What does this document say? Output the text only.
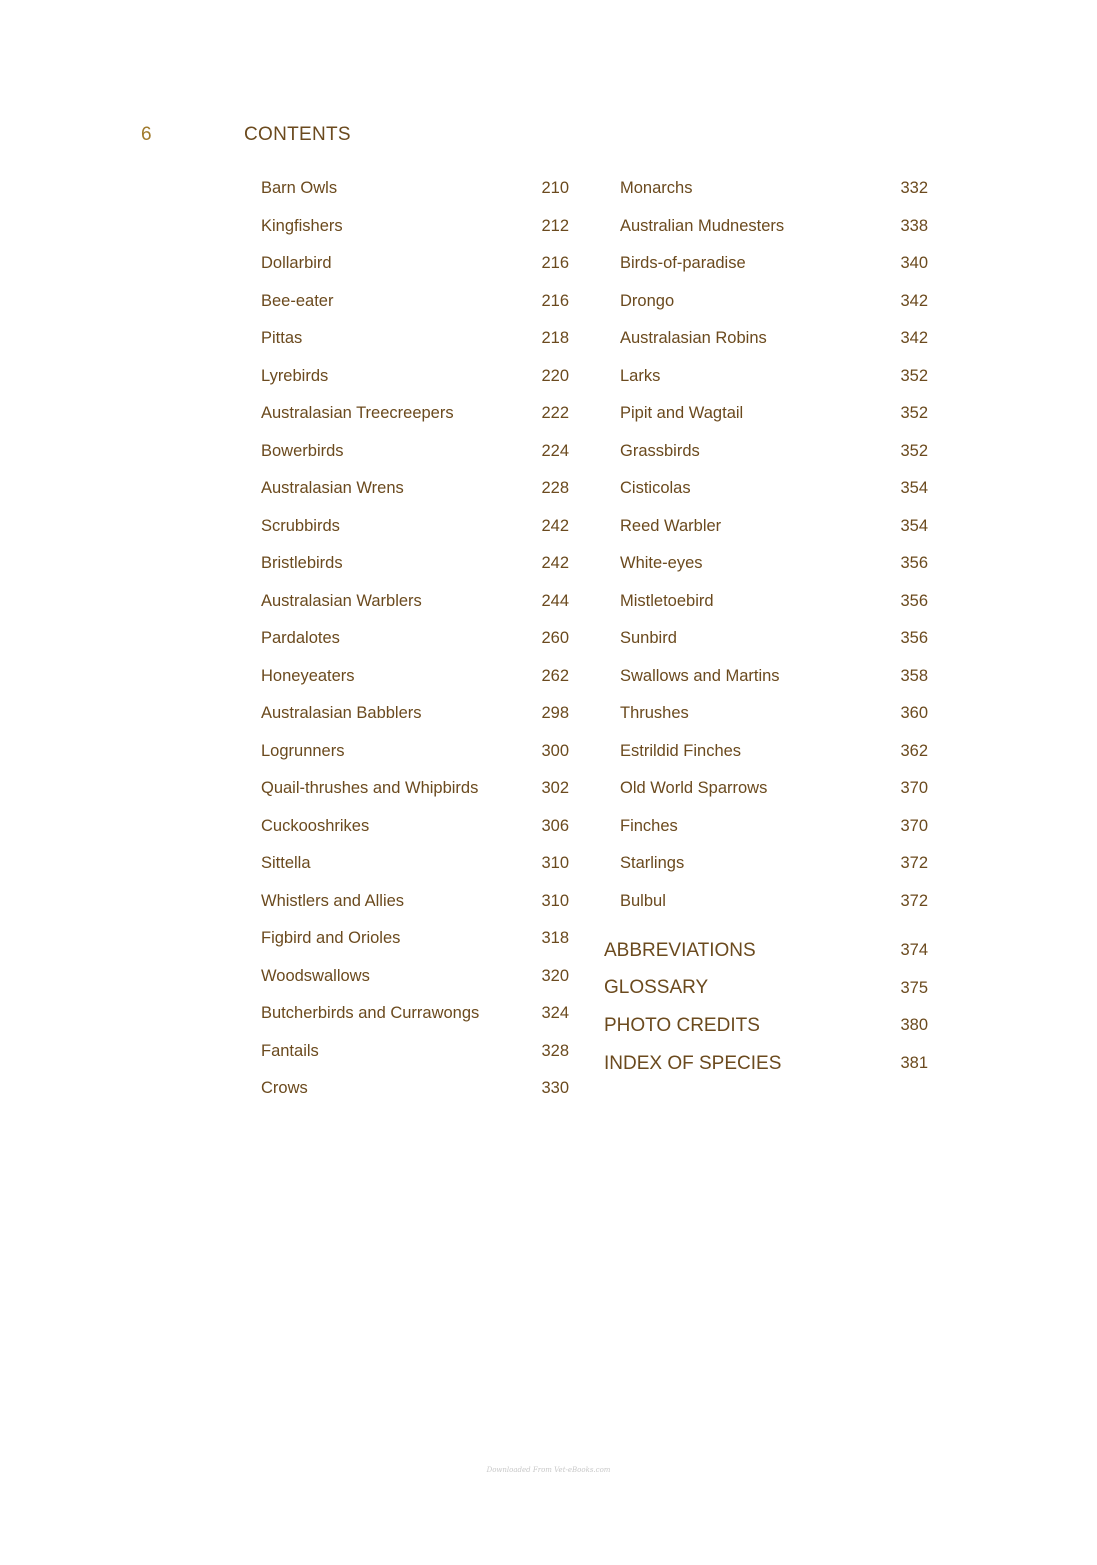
6	CONTENTS
Barn Owls	210
Kingfishers	212
Dollarbird	216
Bee-eater	216
Pittas	218
Lyrebirds	220
Australasian Treecreepers	222
Bowerbirds	224
Australasian Wrens	228
Scrubbirds	242
Bristlebirds	242
Australasian Warblers	244
Pardalotes	260
Honeyeaters	262
Australasian Babblers	298
Logrunners	300
Quail-thrushes and Whipbirds	302
Cuckooshrikes	306
Sittella	310
Whistlers and Allies	310
Figbird and Orioles	318
Woodswallows	320
Butcherbirds and Currawongs	324
Fantails	328
Crows	330
Monarchs	332
Australian Mudnesters	338
Birds-of-paradise	340
Drongo	342
Australasian Robins	342
Larks	352
Pipit and Wagtail	352
Grassbirds	352
Cisticolas	354
Reed Warbler	354
White-eyes	356
Mistletoebird	356
Sunbird	356
Swallows and Martins	358
Thrushes	360
Estrildid Finches	362
Old World Sparrows	370
Finches	370
Starlings	372
Bulbul	372
ABBREVIATIONS	374
GLOSSARY	375
PHOTO CREDITS	380
INDEX OF SPECIES	381
Downloaded From Vet-eBooks.com
